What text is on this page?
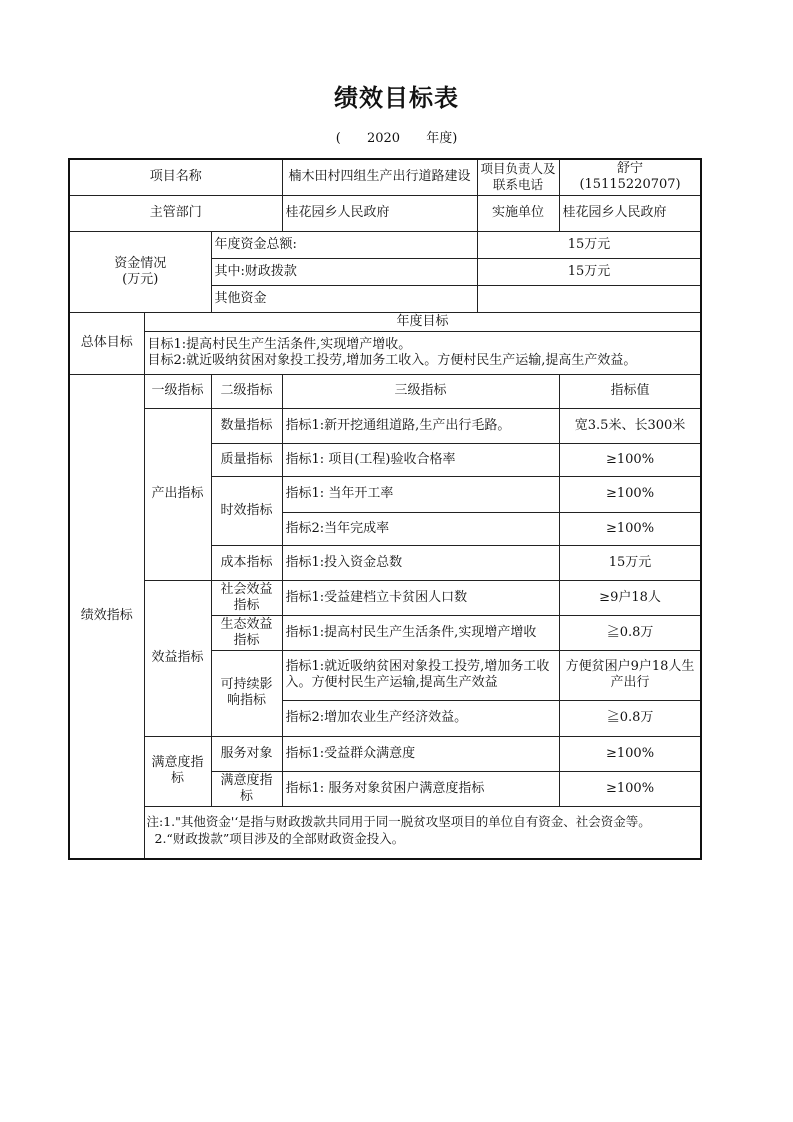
绩效目标表
( 2020 年度)
项目名称			楠木田村四组生产出行道路建设	项目负责人及联系电话	舒宁
(15115220707)

主管部门			桂花园乡人民政府	实施单位	桂花园乡人民政府

资金情况
(万元)		年度资金总额:		15万元	
		其中:财政拨款		15万元	
		其他资金			
总体目标	年度目标				

	目标1:提高村民生产生活条件,实现增产增收。
目标2:就近吸纳贫困对象投工投劳,增加务工收入。方便村民生产运输,提高生产效益。				

绩效指标	一级指标	二级指标	三级指标		指标值
	产出指标	数量指标	指标1:新开挖通组道路,生产出行毛路。		宽3.5米、长300米
		质量指标	指标1: 项目(工程)验收合格率		≥100%
		时效指标	指标1: 当年开工率		≥100%
			指标2:当年完成率		≥100%
		成本指标	指标1:投入资金总数		15万元
	效益指标	社会效益指标	指标1:受益建档立卡贫困人口数		≥9户18人
		生态效益指标	指标1:提高村民生产生活条件,实现增产增收		≧0.8万
		可持续影响指标	指标1:就近吸纳贫困对象投工投劳,增加务工收入。方便村民生产运输,提高生产效益		方便贫困户9户18人生产出行
			指标2:增加农业生产经济效益。		≧0.8万
	满意度指标	服务对象	指标1:受益群众满意度		≥100%
		满意度指标	指标1: 服务对象贫困户满意度指标		≥100%

	注:1."其他资金'‘是指与财政拨款共同用于同一脱贫攻坚项目的单位自有资金、社会资金等。
2.“财政拨款”项目涉及的全部财政资金投入。				
